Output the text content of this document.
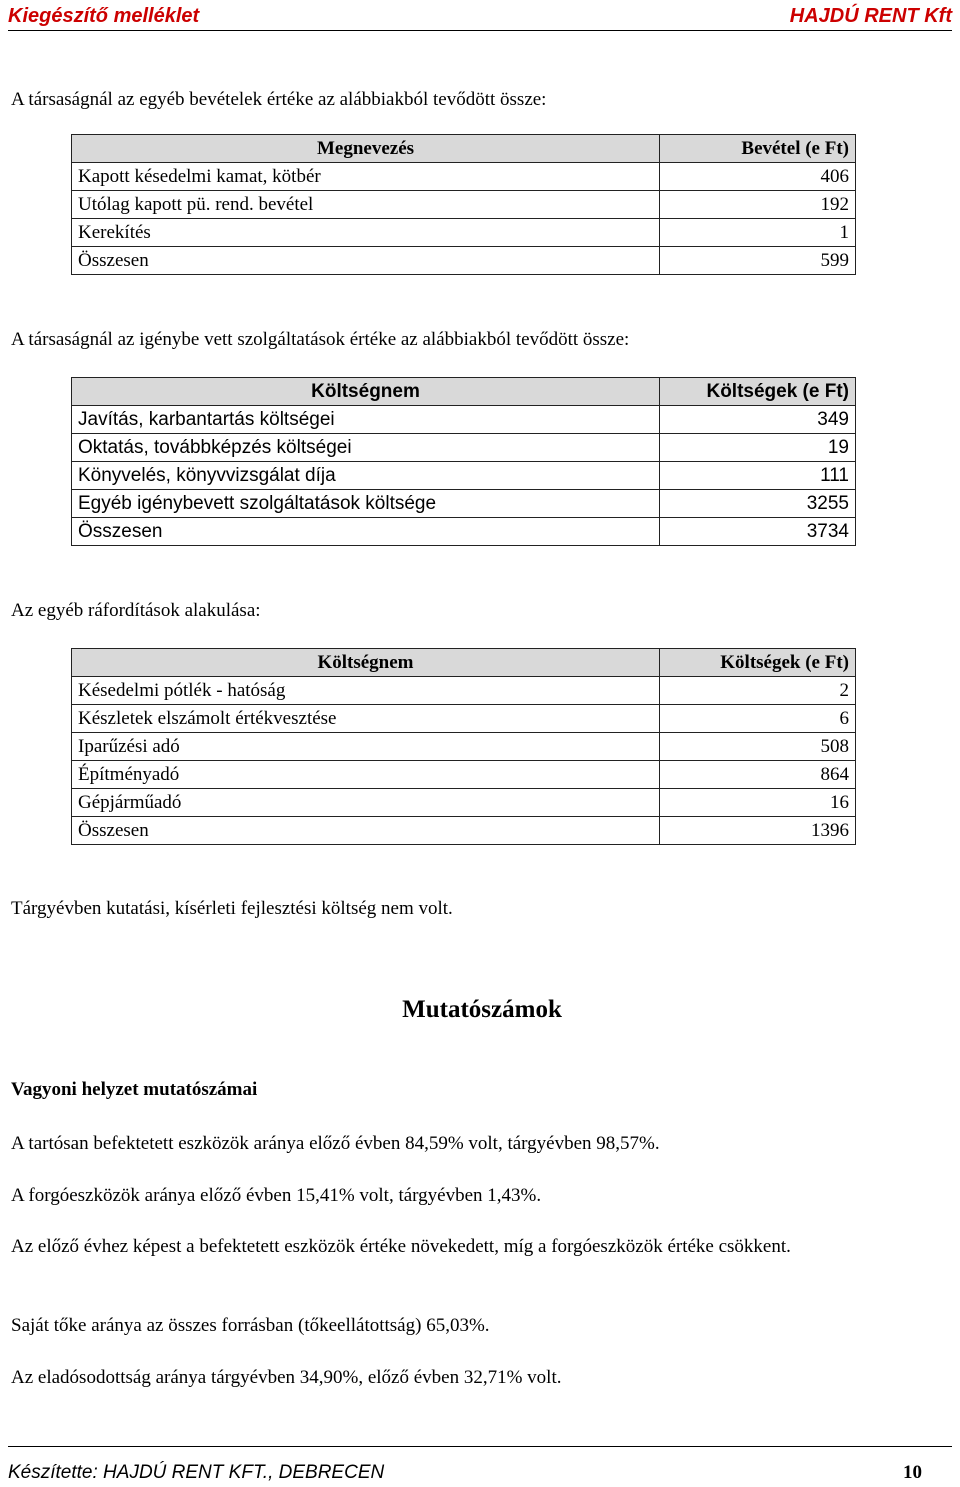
Kiegészítő melléklet	HAJDÚ RENT Kft

A társaságnál az egyéb bevételek értéke az alábbiakból tevődött össze:

Megnevezés	Bevétel (e Ft)
Kapott késedelmi kamat, kötbér	406
Utólag kapott pü. rend. bevétel	192
Kerekítés	1
Összesen	599

A társaságnál az igénybe vett szolgáltatások értéke az alábbiakból tevődött össze:

Költségnem	Költségek (e Ft)
Javítás, karbantartás költségei	349
Oktatás, továbbképzés költségei	19
Könyvelés, könyvvizsgálat díja	111
Egyéb igénybevett szolgáltatások költsége	3255
Összesen	3734

Az egyéb ráfordítások alakulása:

Költségnem	Költségek (e Ft)
Késedelmi pótlék - hatóság	2
Készletek elszámolt értékvesztése	6
Iparűzési adó	508
Építményadó	864
Gépjárműadó	16
Összesen	1396

Tárgyévben kutatási, kísérleti fejlesztési költség nem volt.

Mutatószámok
Vagyoni helyzet mutatószámai

A tartósan befektetett eszközök aránya előző évben 84,59% volt, tárgyévben 98,57%.

A forgóeszközök aránya előző évben 15,41% volt, tárgyévben 1,43%.

Az előző évhez képest a befektetett eszközök értéke növekedett, míg a forgóeszközök értéke csökkent.

Saját tőke aránya az összes forrásban (tőkeellátottság) 65,03%.

Az eladósodottság aránya tárgyévben 34,90%, előző évben 32,71% volt.

Készítette: HAJDÚ RENT KFT., DEBRECEN	10
